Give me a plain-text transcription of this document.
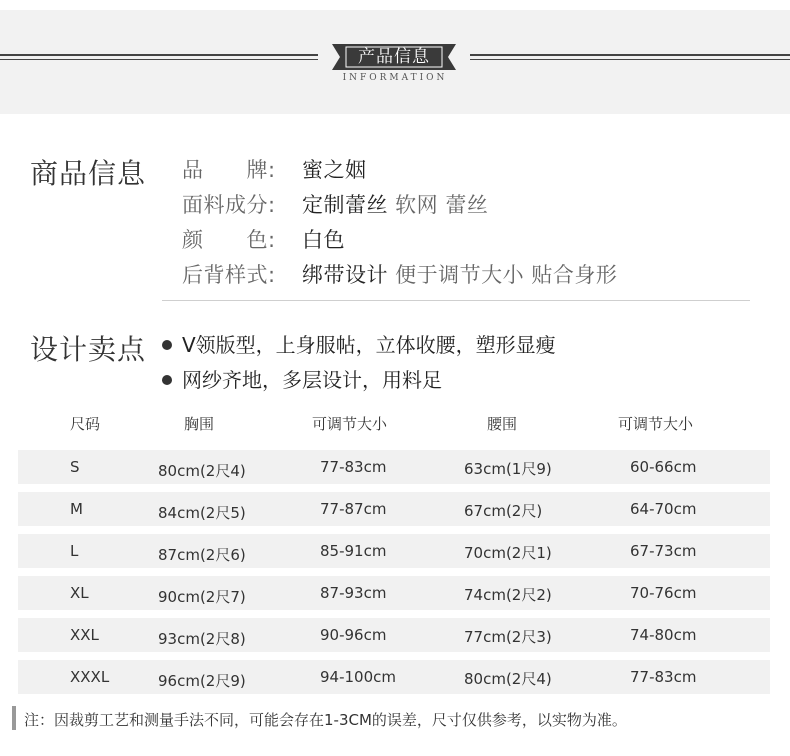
产品信息
INFORMATION
商品信息 品　　牌: 蜜之姻
面料成分: 定制蕾丝 软网 蕾丝
颜　　色: 白色
后背样式: 绑带设计 便于调节大小 贴合身形
设计卖点	V领版型，上身服帖，立体收腰，塑形显瘦
网纱齐地，多层设计，用料足
尺码	胸围	可调节大小	腰围	可调节大小
S	80cm(2尺4)	77-83cm	63cm(1尺9)	60-66cm
M	84cm(2尺5)	77-87cm	67cm(2尺)	64-70cm
L	87cm(2尺6)	85-91cm	70cm(2尺1)	67-73cm
XL	90cm(2尺7)	87-93cm	74cm(2尺2)	70-76cm
XXL	93cm(2尺8)	90-96cm	77cm(2尺3)	74-80cm
XXXL	96cm(2尺9)	94-100cm	80cm(2尺4)	77-83cm
注：因裁剪工艺和测量手法不同，可能会存在1-3CM的误差，尺寸仅供参考，以实物为准。
